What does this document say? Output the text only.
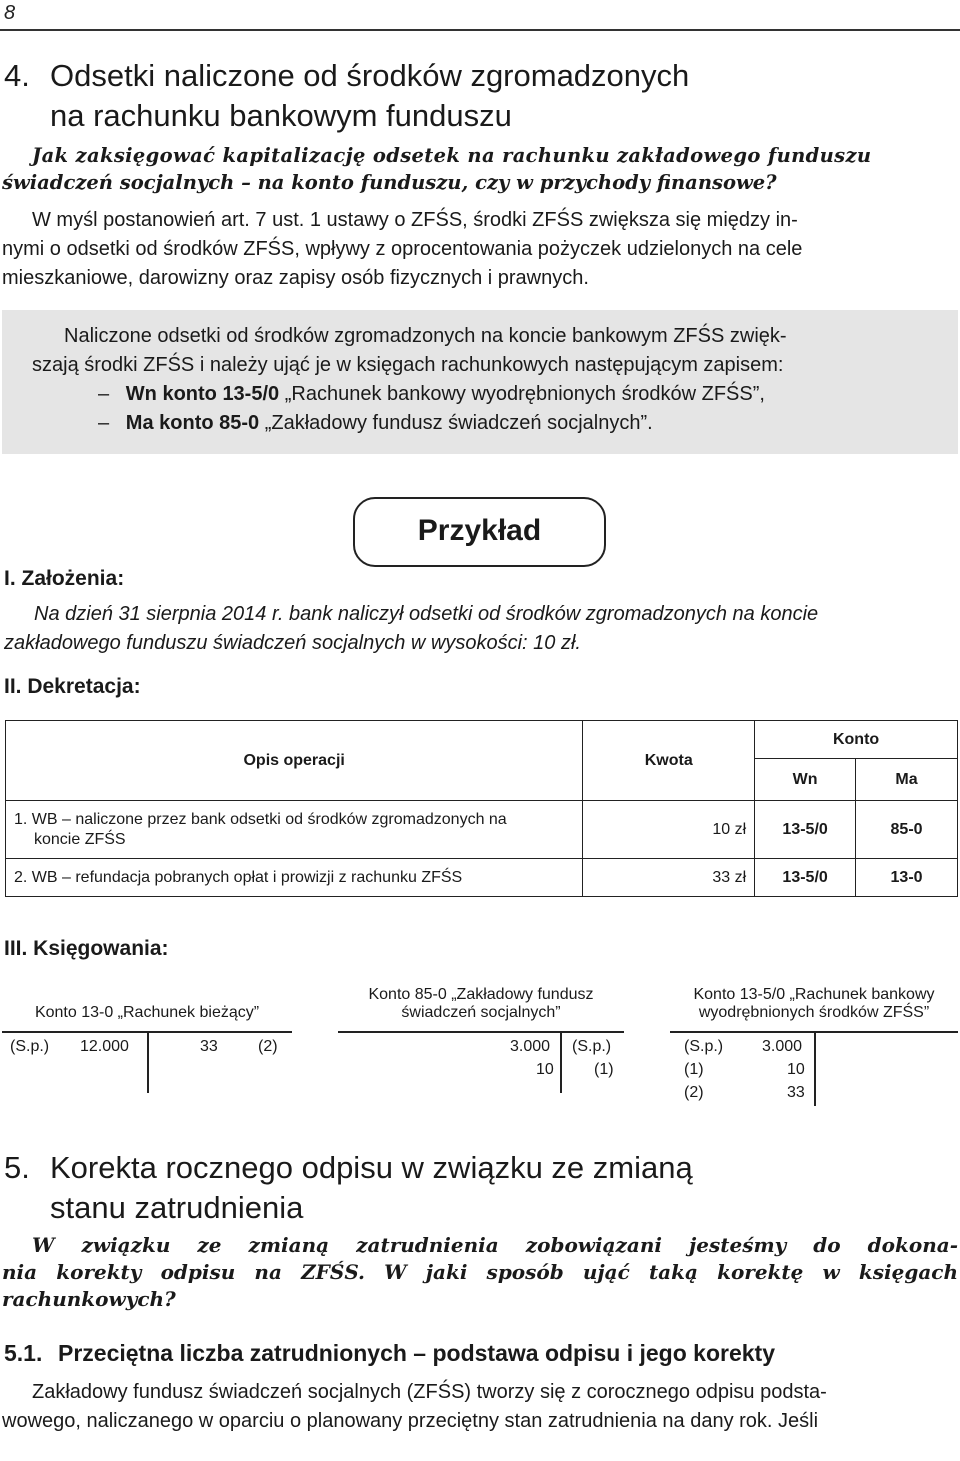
8
4. Odsetki naliczone od środków zgromadzonych
na rachunku bankowym funduszu
Jak zaksięgować kapitalizację odsetek na rachunku zakładowego funduszu
świadczeń socjalnych – na konto funduszu, czy w przychody finansowe?
W myśl postanowień art. 7 ust. 1 ustawy o ZFŚS, środki ZFŚS zwiększa się między in-
nymi o odsetki od środków ZFŚS, wpływy z oprocentowania pożyczek udzielonych na cele
mieszkaniowe, darowizny oraz zapisy osób fizycznych i prawnych.
Naliczone odsetki od środków zgromadzonych na koncie bankowym ZFŚS zwięk-
szają środki ZFŚS i należy ująć je w księgach rachunkowych następującym zapisem:
– Wn konto 13-5/0 „Rachunek bankowy wyodrębnionych środków ZFŚS”,
– Ma konto 85-0 „Zakładowy fundusz świadczeń socjalnych”.
Przykład
I. Założenia:
Na dzień 31 sierpnia 2014 r. bank naliczył odsetki od środków zgromadzonych na koncie
zakładowego funduszu świadczeń socjalnych w wysokości: 10 zł.
II. Dekretacja:
Opis operacji	Kwota	Konto	
		Wn	Ma

1. WB – naliczone przez bank odsetki od środków zgromadzonych na
koncie ZFŚS	10 zł	13-5/0	85-0
2. WB – refundacja pobranych opłat i prowizji z rachunku ZFŚS	33 zł	13-5/0	13-0
III. Księgowania:
Konto 13-0 „Rachunek bieżący”
(S.p.) 12.000	33	(2)
Konto 85-0 „Zakładowy fundusz
świadczeń socjalnych”
3.000 (S.p.)
10	(1)
Konto 13-5/0 „Rachunek bankowy
wyodrębnionych środków ZFŚS”
(S.p.) 3.000
(1)	10
(2)	33
5. Korekta rocznego odpisu w związku ze zmianą
stanu zatrudnienia
W związku ze zmianą zatrudnienia zobowiązani jesteśmy do dokona-
nia korekty odpisu na ZFŚS. W jaki sposób ująć taką korektę w księgach
rachunkowych?
5.1. Przeciętna liczba zatrudnionych – podstawa odpisu i jego korekty
Zakładowy fundusz świadczeń socjalnych (ZFŚS) tworzy się z corocznego odpisu podsta-
wowego, naliczanego w oparciu o planowany przeciętny stan zatrudnienia na dany rok. Jeśli
